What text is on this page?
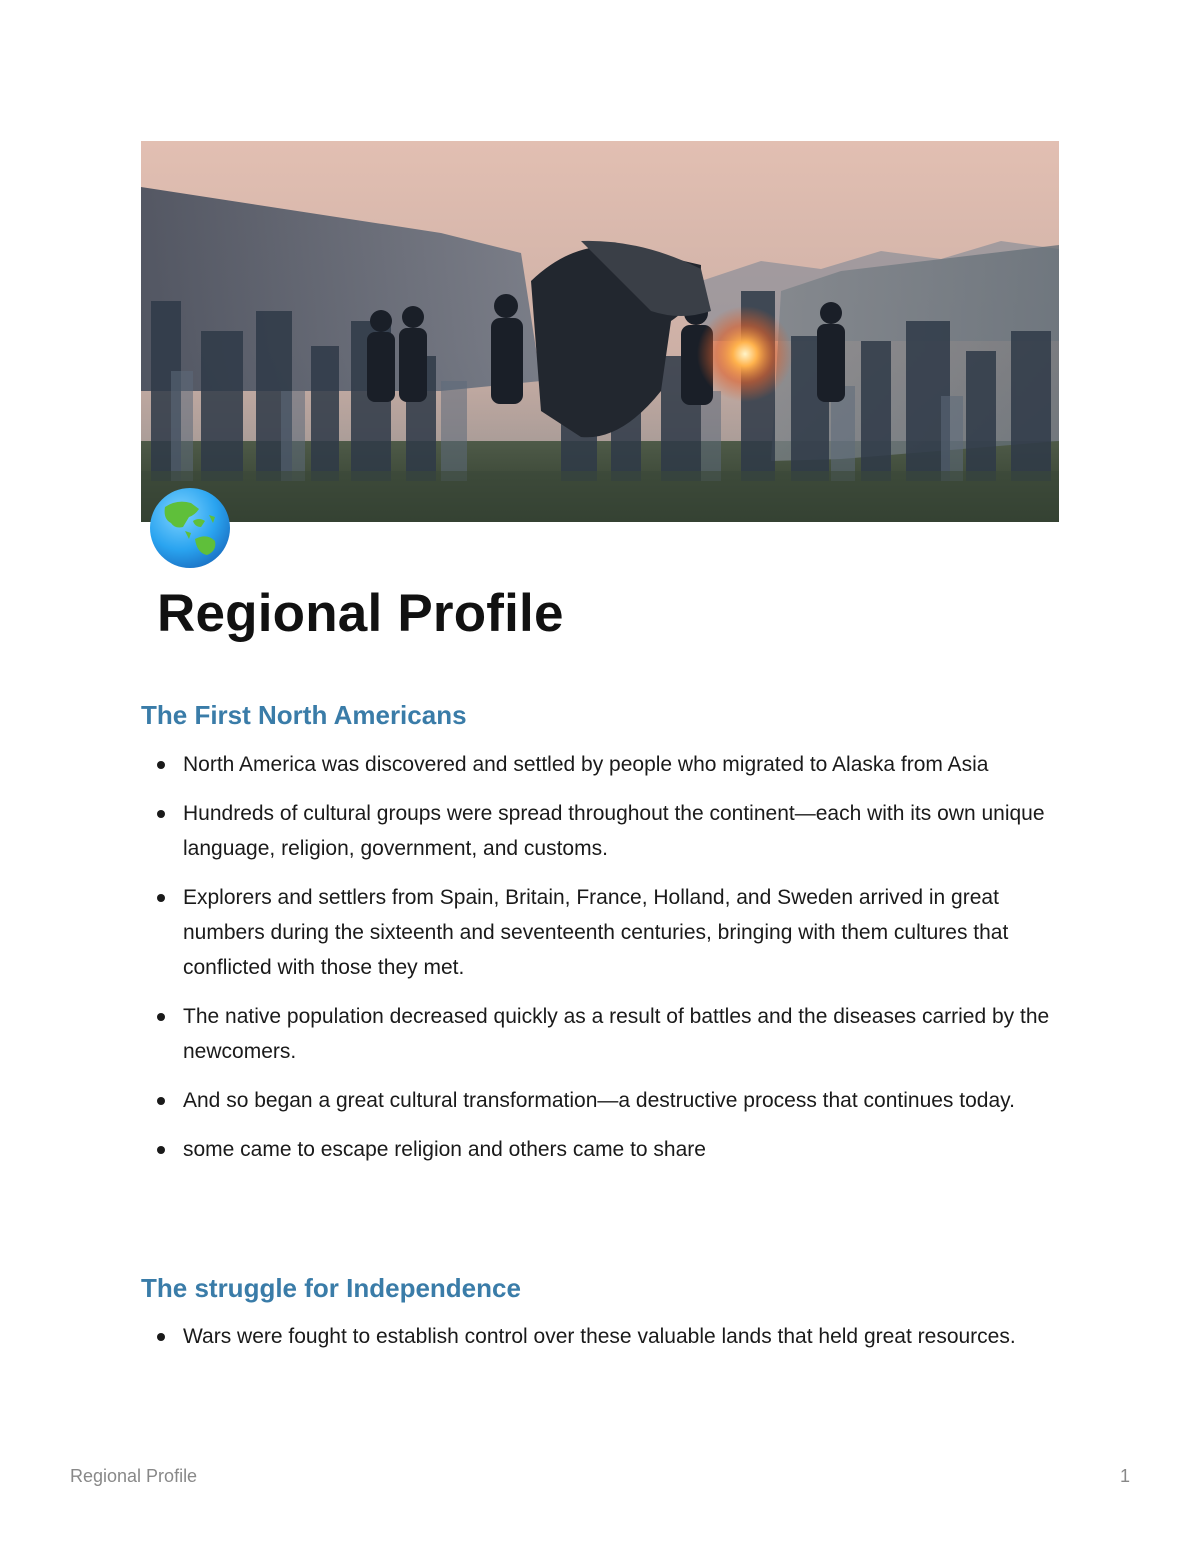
Regional Profile
The First North Americans
North America was discovered and settled by people who migrated to Alaska from Asia
Hundreds of cultural groups were spread throughout the continent—each with its own unique language, religion, government, and customs.
Explorers and settlers from Spain, Britain, France, Holland, and Sweden arrived in great numbers during the sixteenth and seventeenth centuries, bringing with them cultures that conflicted with those they met.
The native population decreased quickly as a result of battles and the diseases carried by the newcomers.
And so began a great cultural transformation—a destructive process that continues today.
some came to escape religion and others came to share
The struggle for Independence
Wars were fought to establish control over these valuable lands that held great resources.
Regional Profile	1
